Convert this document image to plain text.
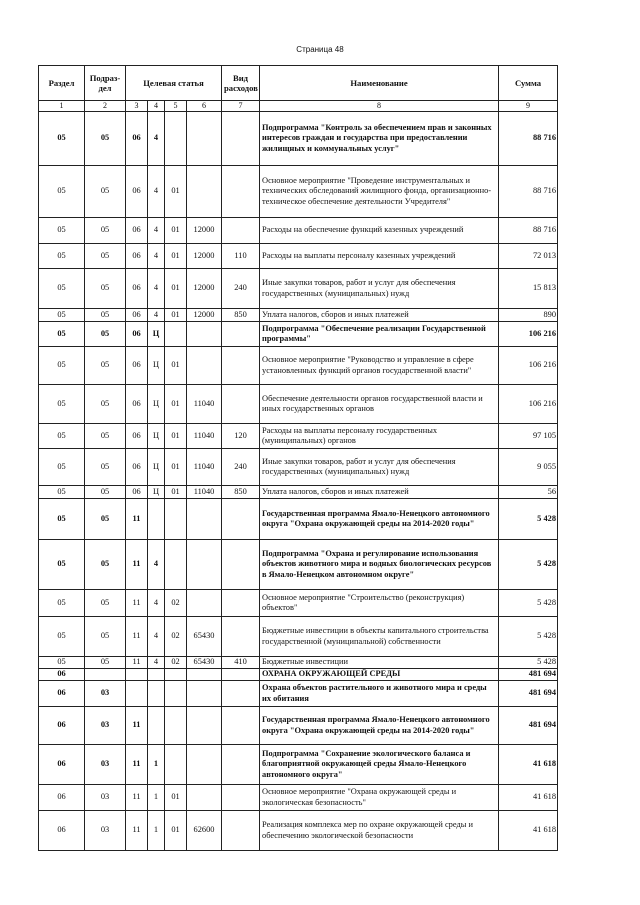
Страница 48
Раздел	Подраз-дел	Целевая статья				Вид расходов	Наименование	Сумма
1	2	3	4	5	6	7	8	9
05	05	06	4				Подпрограмма "Контроль за обеспечением прав и законных интересов граждан и государства при предоставлении жилищных и коммунальных услуг"	88 716
05	05	06	4	01			Основное мероприятие "Проведение инструментальных и технических обследований жилищного фонда, организационно-техническое обеспечение деятельности Учредителя"	88 716
05	05	06	4	01	12000		Расходы на обеспечение функций казенных учреждений	88 716
05	05	06	4	01	12000	110	Расходы на выплаты персоналу казенных учреждений	72 013
05	05	06	4	01	12000	240	Иные закупки товаров, работ и услуг для обеспечения государственных (муниципальных) нужд	15 813
05	05	06	4	01	12000	850	Уплата налогов, сборов и иных платежей	890
05	05	06	Ц				Подпрограмма "Обеспечение реализации Государственной программы"	106 216
05	05	06	Ц	01			Основное мероприятие "Руководство и управление в сфере установленных функций органов государственной власти"	106 216
05	05	06	Ц	01	11040		Обеспечение деятельности органов государственной власти и иных государственных органов	106 216
05	05	06	Ц	01	11040	120	Расходы на выплаты персоналу государственных (муниципальных) органов	97 105
05	05	06	Ц	01	11040	240	Иные закупки товаров, работ и услуг для обеспечения государственных (муниципальных) нужд	9 055
05	05	06	Ц	01	11040	850	Уплата налогов, сборов и иных платежей	56
05	05	11					Государственная программа Ямало-Ненецкого автономного округа "Охрана окружающей среды на 2014-2020 годы"	5 428
05	05	11	4				Подпрограмма "Охрана и регулирование использования объектов животного мира и водных биологических ресурсов в Ямало-Ненецком автономном округе"	5 428
05	05	11	4	02			Основное мероприятие "Строительство (реконструкция) объектов"	5 428
05	05	11	4	02	65430		Бюджетные инвестиции в объекты капитального строительства государственной (муниципальной) собственности	5 428
05	05	11	4	02	65430	410	Бюджетные инвестиции	5 428
06							ОХРАНА ОКРУЖАЮЩЕЙ СРЕДЫ	481 694
06	03						Охрана объектов растительного и животного мира и среды их обитания	481 694
06	03	11					Государственная программа Ямало-Ненецкого автономного округа "Охрана окружающей среды на 2014-2020 годы"	481 694
06	03	11	1				Подпрограмма "Сохранение экологического баланса и благоприятной окружающей среды Ямало-Ненецкого автономного округа"	41 618
06	03	11	1	01			Основное мероприятие "Охрана окружающей среды и экологическая безопасность"	41 618
06	03	11	1	01	62600		Реализация комплекса мер по охране окружающей среды и обеспечению экологической безопасности	41 618
